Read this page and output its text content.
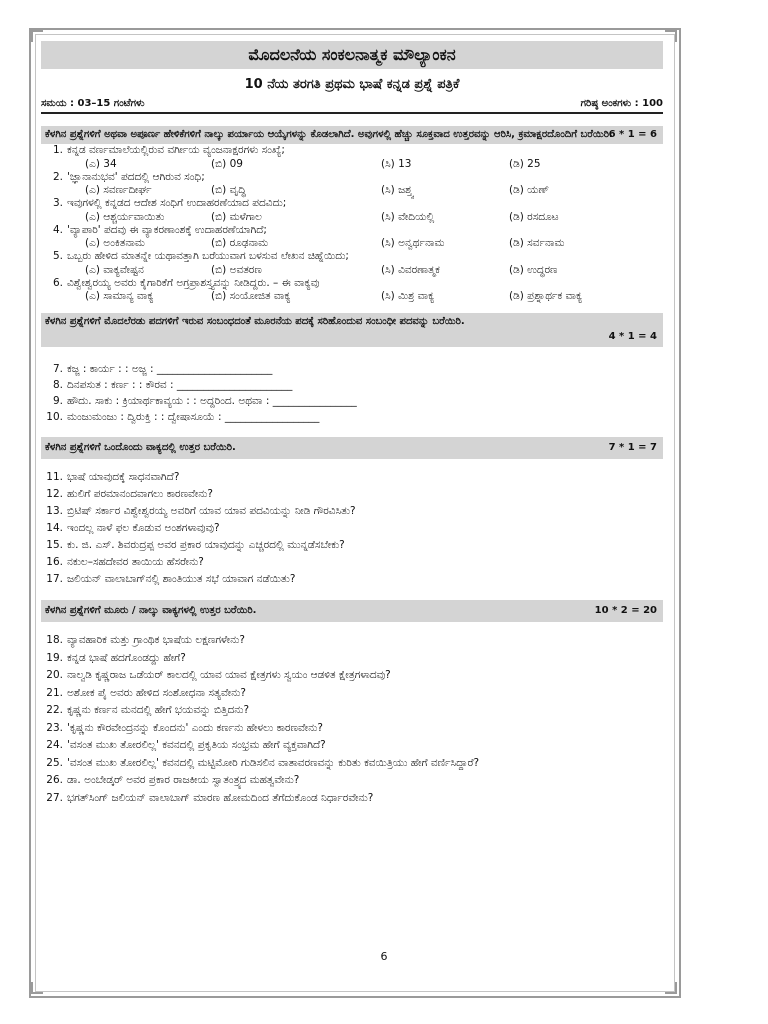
ಮೊದಲನೆಯ ಸಂಕಲನಾತ್ಮಕ ಮೌಲ್ಯಾಂಕನ
10 ನೆಯ ತರಗತಿ ಪ್ರಥಮ ಭಾಷೆ ಕನ್ನಡ ಪ್ರಶ್ನೆ ಪತ್ರಿಕೆ
ಸಮಯ : 03–15 ಗಂಟೆಗಳು	ಗರಿಷ್ಠ ಅಂಕಗಳು : 100
ಕೆಳಗಿನ ಪ್ರಶ್ನೆಗಳಿಗೆ ಅಥವಾ ಅಪೂರ್ಣ ಹೇಳಿಕೆಗಳಿಗೆ ನಾಲ್ಕು ಪರ್ಯಾಯ ಆಯ್ಕೆಗಳನ್ನು ಕೊಡಲಾಗಿದೆ. ಅವುಗಳಲ್ಲಿ ಹೆಚ್ಚು ಸೂಕ್ತವಾದ ಉತ್ತರವನ್ನು ಆರಿಸಿ, ಕ್ರಮಾಕ್ಷರದೊಂದಿಗೆ ಬರೆಯಿರಿ.
6 * 1 = 6
1. ಕನ್ನಡ ವರ್ಣಮಾಲೆಯಲ್ಲಿರುವ ವರ್ಗೀಯ ವ್ಯಂಜನಾಕ್ಷರಗಳು ಸಂಖ್ಯೆ;
(ಎ) 34	(ಬಿ) 09	(ಸಿ) 13	(ಡಿ) 25
2. 'ಜ್ಞಾನಾನುಭವ' ಪದದಲ್ಲಿ ಆಗಿರುವ ಸಂಧಿ;
(ಎ) ಸವರ್ಣದೀರ್ಘ	(ಬಿ) ವೃದ್ಧಿ	(ಸಿ) ಜಶ್ತ್ವ	(ಡಿ) ಯಣ್
3. ಇವುಗಳಲ್ಲಿ ಕನ್ನಡದ ಆದೇಶ ಸಂಧಿಗೆ ಉದಾಹರಣೆಯಾದ ಪದವಿದು;
(ಎ) ಆಶ್ಚರ್ಯವಾಯಿತು	(ಬಿ) ಮಳೆಗಾಲ	(ಸಿ) ವೇದಿಯಲ್ಲಿ	(ಡಿ) ರಸದೂಟ
4. 'ವ್ಯಾಪಾರಿ' ಪದವು ಈ ವ್ಯಾಕರಣಾಂಶಕ್ಕೆ ಉದಾಹರಣೆಯಾಗಿದೆ;
(ಎ) ಅಂಕಿತನಾಮ	(ಬಿ) ರೂಢನಾಮ	(ಸಿ) ಅನ್ವರ್ಥನಾಮ	(ಡಿ) ಸರ್ವನಾಮ
5. ಒಬ್ಬರು ಹೇಳಿದ ಮಾತನ್ನೇ ಯಥಾವತ್ತಾಗಿ ಬರೆಯುವಾಗ ಬಳಸುವ ಲೇಖನ ಚಿಹ್ನೆಯಿದು;
(ಎ) ವಾಕ್ಯವೇಷ್ಟನ	(ಬಿ) ಅವತರಣ	(ಸಿ) ವಿವರಣಾತ್ಮಕ	(ಡಿ) ಉದ್ಧರಣ
6. ವಿಶ್ವೇಶ್ವರಯ್ಯ ಅವರು ಕೈಗಾರಿಕೆಗೆ ಅಗ್ರಪ್ರಾಶಸ್ತ್ಯವನ್ನು ನೀಡಿದ್ದರು. – ಈ ವಾಕ್ಯವು
(ಎ) ಸಾಮಾನ್ಯ ವಾಕ್ಯ	(ಬಿ) ಸಂಯೋಜಿತ ವಾಕ್ಯ	(ಸಿ) ಮಿಶ್ರ ವಾಕ್ಯ	(ಡಿ) ಪ್ರಶ್ನಾರ್ಥಕ ವಾಕ್ಯ
ಕೆಳಗಿನ ಪ್ರಶ್ನೆಗಳಿಗೆ ಮೊದಲೆರಡು ಪದಗಳಿಗೆ ಇರುವ ಸಂಬಂಧದಂತೆ ಮೂರನೆಯ ಪದಕ್ಕೆ ಸರಿಹೊಂದುವ ಸಂಬಂಧೀ ಪದವನ್ನು ಬರೆಯಿರಿ.
4 * 1 = 4
7. ಕಜ್ಜ : ಕಾರ್ಯ : : ಅಜ್ಜ : ______________________
8. ದಿನಪಸುತ : ಕರ್ಣ : : ಕೌರವ : ______________________
9. ಹೌದು. ಸಾಕು : ಕ್ರಿಯಾರ್ಥಕಾವ್ಯಯ : : ಅದ್ದರಿಂದ. ಅಥವಾ : ________________
10. ಮಂಜುಮಂಜು : ದ್ವಿರುಕ್ತಿ : : ದ್ವೇಷಾಸೂಯೆ : __________________
ಕೆಳಗಿನ ಪ್ರಶ್ನೆಗಳಿಗೆ ಒಂದೊಂದು ವಾಕ್ಯದಲ್ಲಿ ಉತ್ತರ ಬರೆಯಿರಿ.	7 * 1 = 7
11. ಭಾಷೆ ಯಾವುದಕ್ಕೆ ಸಾಧನವಾಗಿದೆ?
12. ಹುಲಿಗೆ ಪರಮಾನಂದವಾಗಲು ಕಾರಣವೇನು?
13. ಬ್ರಿಟಿಷ್ ಸರ್ಕಾರ ವಿಶ್ವೇಶ್ವರಯ್ಯ ಅವರಿಗೆ ಯಾವ ಯಾವ ಪದವಿಯನ್ನು ನೀಡಿ ಗೌರವಿಸಿತು?
14. ಇಂದಲ್ಲ ನಾಳೆ ಫಲ ಕೊಡುವ ಅಂಶಗಳಾವುವು?
15. ಕು. ಜಿ. ಎಸ್. ಶಿವರುದ್ರಪ್ಪ ಅವರ ಪ್ರಕಾರ ಯಾವುದನ್ನು ಎಚ್ಚರದಲ್ಲಿ ಮುನ್ನಡೆಸಬೇಕು?
16. ನಕುಲ–ಸಹದೇವರ ತಾಯಿಯ ಹೆಸರೇನು?
17. ಜಲಿಯನ್ ವಾಲಾಬಾಗ್‌ನಲ್ಲಿ ಶಾಂತಿಯುತ ಸಭೆ ಯಾವಾಗ ನಡೆಯಿತು?
ಕೆಳಗಿನ ಪ್ರಶ್ನೆಗಳಿಗೆ ಮೂರು / ನಾಲ್ಕು ವಾಕ್ಯಗಳಲ್ಲಿ ಉತ್ತರ ಬರೆಯಿರಿ.	10 * 2 = 20
18. ವ್ಯಾವಹಾರಿಕ ಮತ್ತು ಗ್ರಾಂಥಿಕ ಭಾಷೆಯ ಲಕ್ಷಣಗಳೇನು?
19. ಕನ್ನಡ ಭಾಷೆ ಹದಗೊಂಡದ್ದು ಹೇಗೆ?
20. ನಾಲ್ವಡಿ ಕೃಷ್ಣರಾಜ ಒಡೆಯರ್ ಕಾಲದಲ್ಲಿ ಯಾವ ಯಾವ ಕ್ಷೇತ್ರಗಳು ಸ್ವಯಂ ಆಡಳಿತ ಕ್ಷೇತ್ರಗಳಾದವು?
21. ಅಶೋಕ ಪೈ ಅವರು ಹೇಳಿದ ಸಂಶೋಧನಾ ಸತ್ಯವೇನು?
22. ಕೃಷ್ಣನು ಕರ್ಣನ ಮನದಲ್ಲಿ ಹೇಗೆ ಭಯವನ್ನು ಬಿತ್ತಿದನು?
23. 'ಕೃಷ್ಣನು ಕೌರವೇಂದ್ರನನ್ನು ಕೊಂದನು' ಎಂದು ಕರ್ಣನು ಹೇಳಲು ಕಾರಣವೇನು?
24. 'ವಸಂತ ಮುಖ ತೋರಲಿಲ್ಲ' ಕವನದಲ್ಲಿ ಪ್ರಕೃತಿಯ ಸಂಭ್ರಮ ಹೇಗೆ ವ್ಯಕ್ತವಾಗಿದೆ?
25. 'ವಸಂತ ಮುಖ ತೋರಲಿಲ್ಲ' ಕವನದಲ್ಲಿ ಮಟ್ಟಿಮೋರಿ ಗುಡಿಸಲಿನ ವಾತಾವರಣವನ್ನು ಕುರಿತು ಕವಯಿತ್ರಿಯು ಹೇಗೆ ವರ್ಣಿಸಿದ್ದಾರೆ?
26. ಡಾ. ಅಂಬೇಡ್ಕರ್ ಅವರ ಪ್ರಕಾರ ರಾಜಕೀಯ ಸ್ವಾತಂತ್ರ್ಯದ ಮಹತ್ವವೇನು?
27. ಭಗತ್‌ಸಿಂಗ್ ಜಲಿಯನ್ ವಾಲಾಬಾಗ್ ಮಾರಣ ಹೋಮದಿಂದ ತೆಗೆದುಕೊಂಡ ನಿರ್ಧಾರವೇನು?
6
